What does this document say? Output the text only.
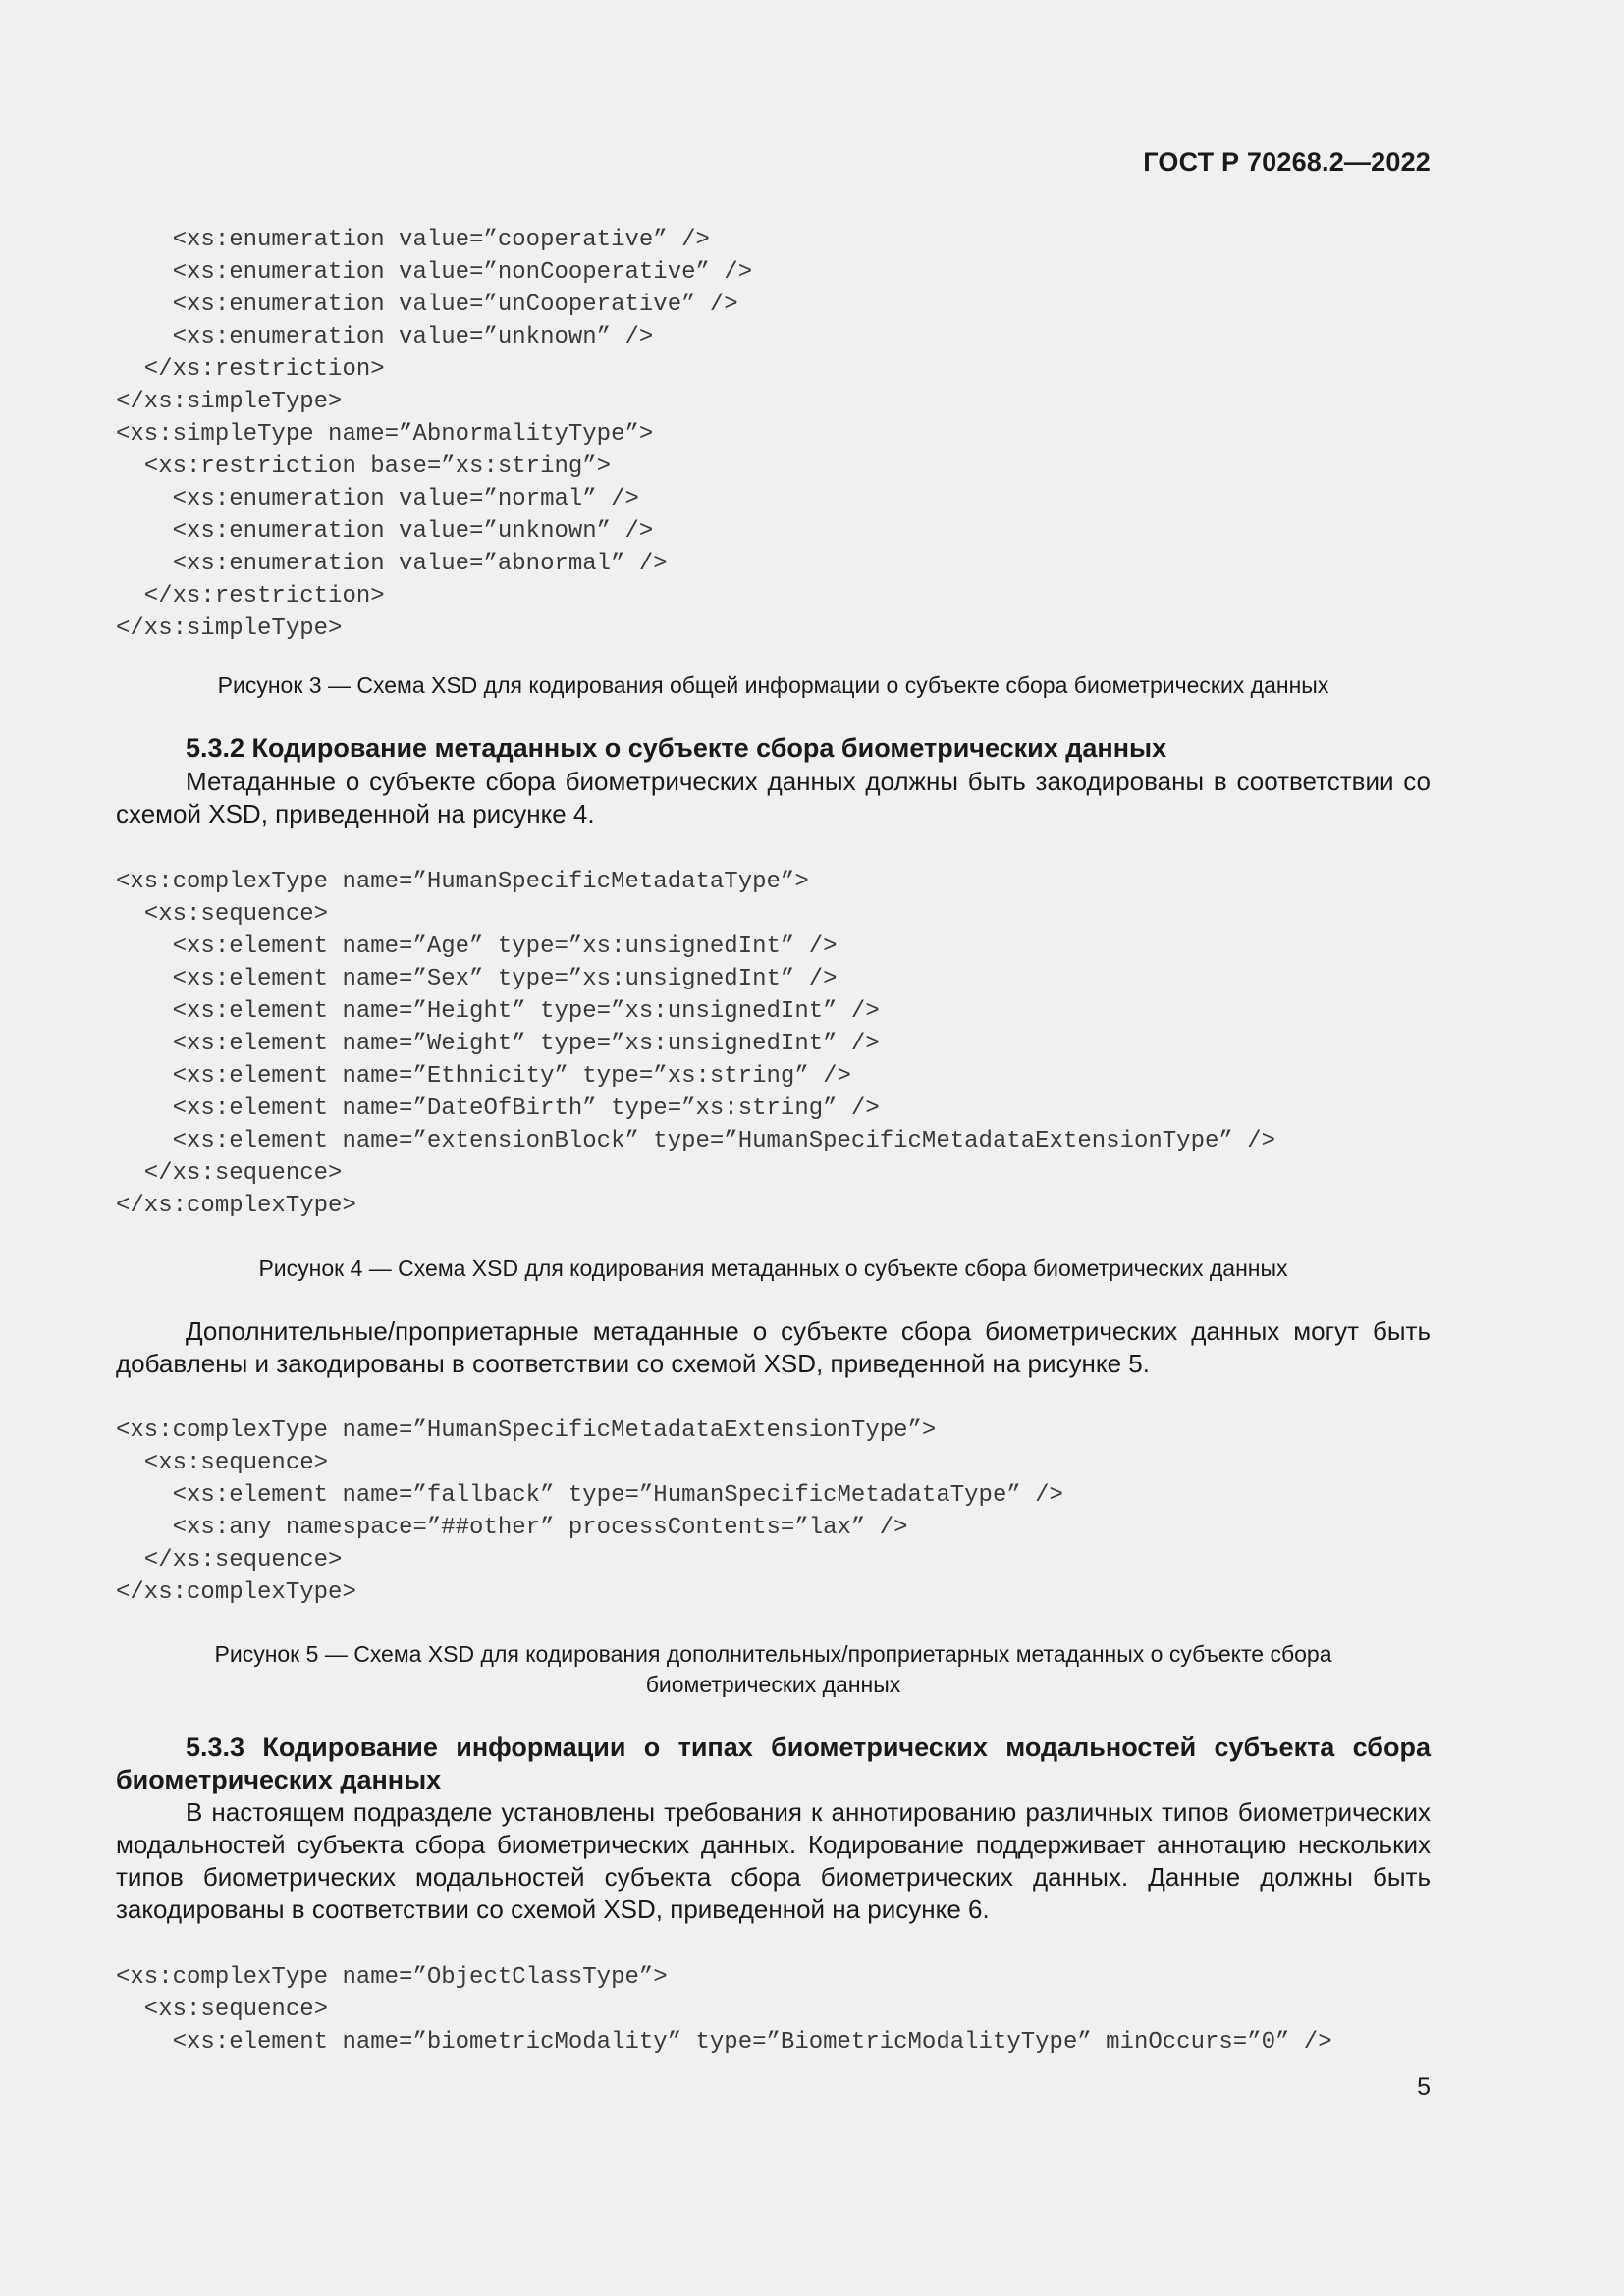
ГОСТ Р 70268.2—2022
<xs:enumeration value=”cooperative” />
<xs:enumeration value=”nonCooperative” />
<xs:enumeration value=”unCooperative” />
<xs:enumeration value=”unknown” />
</xs:restriction>
</xs:simpleType>
<xs:simpleType name=”AbnormalityType”>
<xs:restriction base=”xs:string”>
<xs:enumeration value=”normal” />
<xs:enumeration value=”unknown” />
<xs:enumeration value=”abnormal” />
</xs:restriction>
</xs:simpleType>
Рисунок 3 — Схема XSD для кодирования общей информации о субъекте сбора биометрических данных
5.3.2 Кодирование метаданных о субъекте сбора биометрических данных
Метаданные о субъекте сбора биометрических данных должны быть закодированы в соответствии со схемой XSD, приведенной на рисунке 4.
<xs:complexType name=”HumanSpecificMetadataType”>
<xs:sequence>
<xs:element name=”Age” type=”xs:unsignedInt” />
<xs:element name=”Sex” type=”xs:unsignedInt” />
<xs:element name=”Height” type=”xs:unsignedInt” />
<xs:element name=”Weight” type=”xs:unsignedInt” />
<xs:element name=”Ethnicity” type=”xs:string” />
<xs:element name=”DateOfBirth” type=”xs:string” />
<xs:element name=”extensionBlock” type=”HumanSpecificMetadataExtensionType” />
</xs:sequence>
</xs:complexType>
Рисунок 4 — Схема XSD для кодирования метаданных о субъекте сбора биометрических данных
Дополнительные/проприетарные метаданные о субъекте сбора биометрических данных могут быть добавлены и закодированы в соответствии со схемой XSD, приведенной на рисунке 5.
<xs:complexType name=”HumanSpecificMetadataExtensionType”>
<xs:sequence>
<xs:element name=”fallback” type=”HumanSpecificMetadataType” />
<xs:any namespace=”##other” processContents=”lax” />
</xs:sequence>
</xs:complexType>
Рисунок 5 — Схема XSD для кодирования дополнительных/проприетарных метаданных о субъекте сбора
биометрических данных
5.3.3 Кодирование информации о типах биометрических модальностей субъекта сбора биометрических данных
В настоящем подразделе установлены требования к аннотированию различных типов биометрических модальностей субъекта сбора биометрических данных. Кодирование поддерживает аннотацию нескольких типов биометрических модальностей субъекта сбора биометрических данных. Данные должны быть закодированы в соответствии со схемой XSD, приведенной на рисунке 6.
<xs:complexType name=”ObjectClassType”>
<xs:sequence>
<xs:element name=”biometricModality” type=”BiometricModalityType” minOccurs=”0” />
5
